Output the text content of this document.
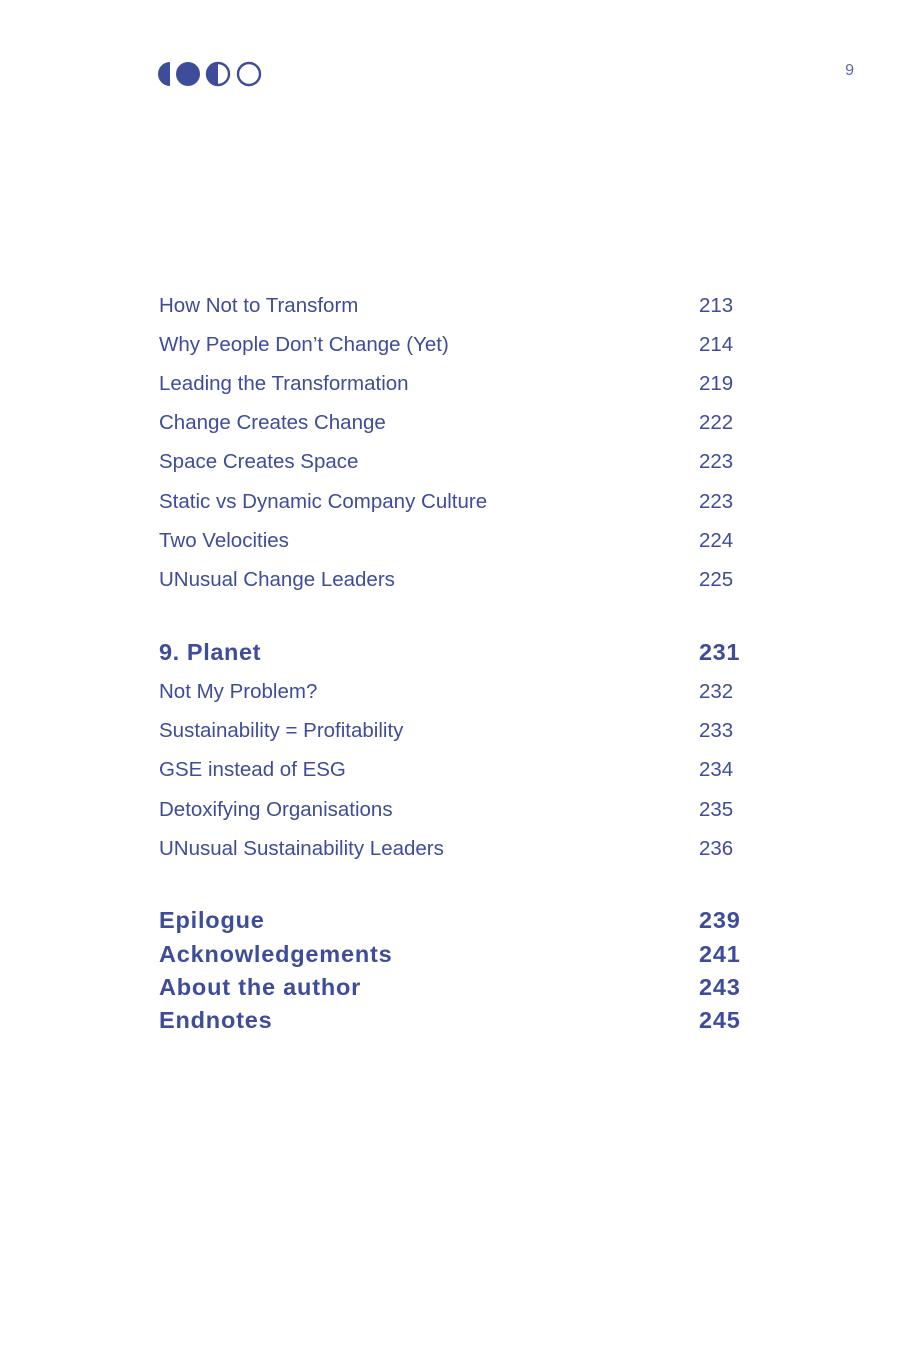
9
How Not to Transform	213
Why People Don’t Change (Yet)	214
Leading the Transformation	219
Change Creates Change	222
Space Creates Space	223
Static vs Dynamic Company Culture	223
Two Velocities	224
UNusual Change Leaders	225
9. Planet	231
Not My Problem?	232
Sustainability = Profitability	233
GSE instead of ESG	234
Detoxifying Organisations	235
UNusual Sustainability Leaders	236
Epilogue	239
Acknowledgements	241
About the author	243
Endnotes	245
